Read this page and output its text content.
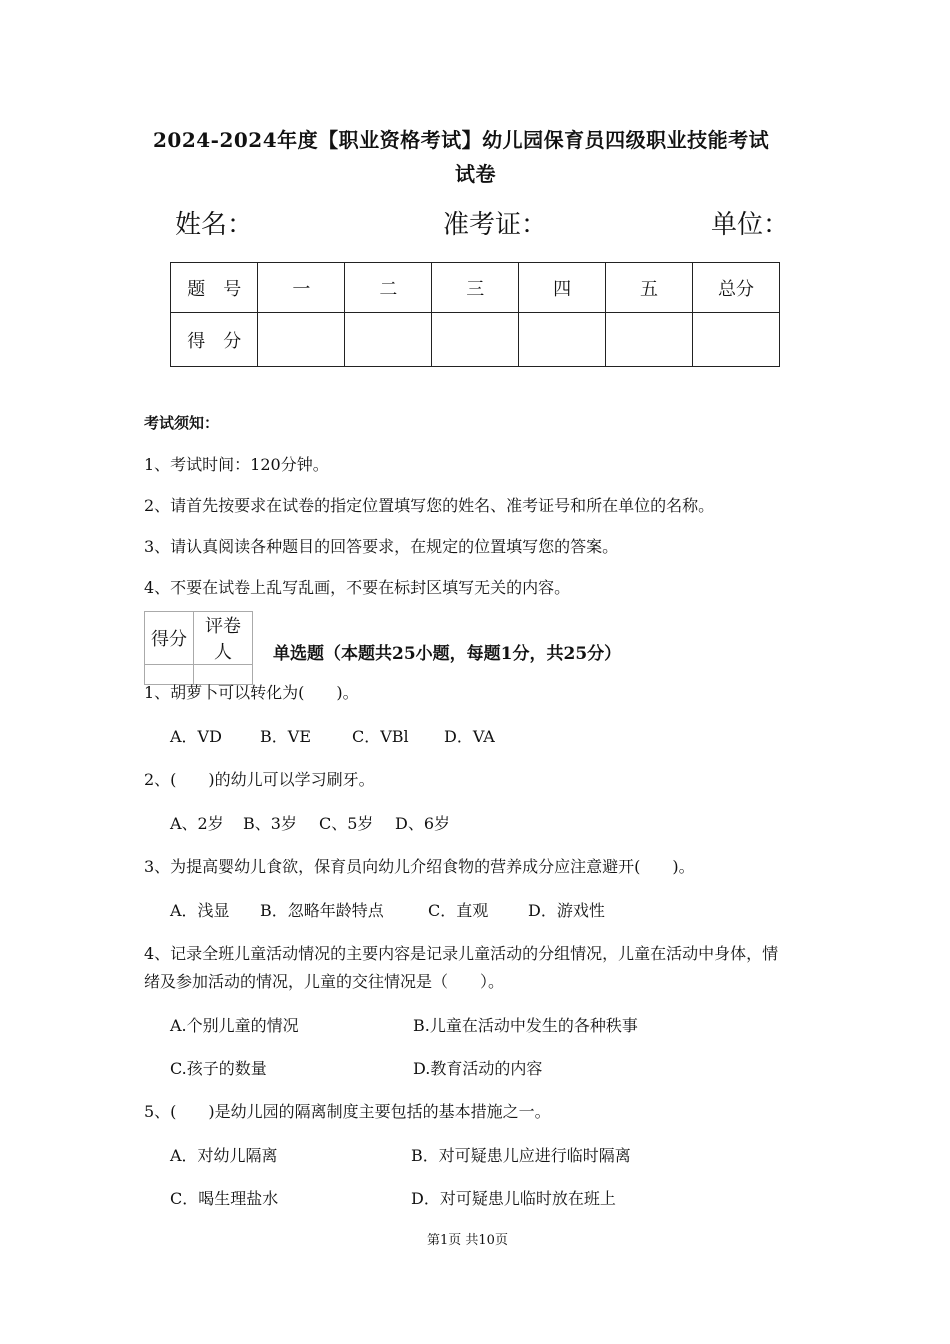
2024-2024年度【职业资格考试】幼儿园保育员四级职业技能考试
试卷
姓名：	准考证：	单位：
题　号	一	二	三	四	五	总分
得　分						
考试须知：
1、考试时间：120分钟。
2、请首先按要求在试卷的指定位置填写您的姓名、准考证号和所在单位的名称。
3、请认真阅读各种题目的回答要求，在规定的位置填写您的答案。
4、不要在试卷上乱写乱画，不要在标封区填写无关的内容。
得分	评卷人
	单选题（本题共25小题，每题1分，共25分）
1、胡萝卜可以转化为(　　)。
A．VD B．VE	C．VBl D．VA
2、(　　)的幼儿可以学习刷牙。
A、2岁 B、3岁 C、5岁 D、6岁
3、为提高婴幼儿食欲，保育员向幼儿介绍食物的营养成分应注意避开(　　)。
A．浅显 B．忽略年龄特点	C．直观 D．游戏性
4、记录全班儿童活动情况的主要内容是记录儿童活动的分组情况，儿童在活动中身体，情
绪及参加活动的情况，儿童的交往情况是（　　）。
A.个别儿童的情况	B.儿童在活动中发生的各种秩事
C.孩子的数量	D.教育活动的内容
5、(　　)是幼儿园的隔离制度主要包括的基本措施之一。
A．对幼儿隔离	B．对可疑患儿应进行临时隔离
C．喝生理盐水	D．对可疑患儿临时放在班上
第1页 共10页
